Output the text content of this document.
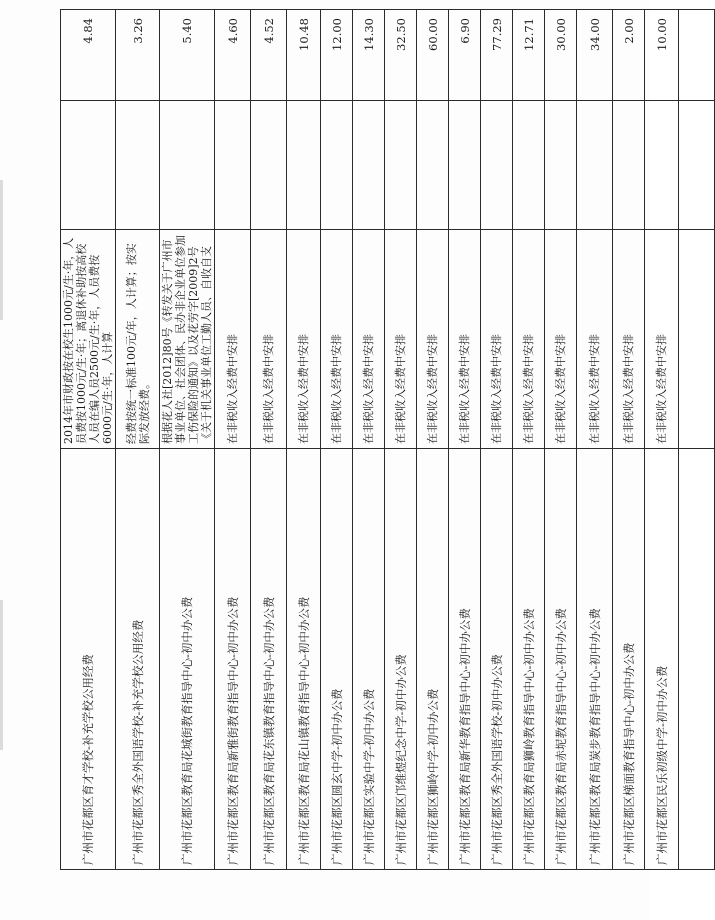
广州市花都区育才学校-补充学校公用经费	2014年市财政按在校生1000元/生·年，人员费按1000元/生·年；离退休补助按高校人员在编人员2500元/生·年，人员费按6000元/生·年，人计算		4.84
广州市花都区秀全外国语学校-补充学校公用经费	经费按统一标准100元/年，人计算；按实际发放经费。		3.26
广州市花都区教育局花城街教育指导中心-初中办公费	根据花人社[2012]80号《转发关于广州市事业单位、社会团体、民办非企业单位参加工伤保险的通知》以及花劳字[2009]2号《关于机关事业单位工勤人员、自收自支		5.40
广州市花都区教育局新雅街教育指导中心-初中办公费	在非税收入经费中安排		4.60
广州市花都区教育局花东镇教育指导中心-初中办公费	在非税收入经费中安排		4.52
广州市花都区教育局花山镇教育指导中心-初中办公费	在非税收入经费中安排		10.48
广州市花都区圆玄中学-初中办公费	在非税收入经费中安排		12.00
广州市花都区实验中学-初中办公费	在非税收入经费中安排		14.30
广州市花都区邝维煜纪念中学-初中办公费	在非税收入经费中安排		32.50
广州市花都区狮岭中学-初中办公费	在非税收入经费中安排		60.00
广州市花都区教育局新华教育指导中心-初中办公费	在非税收入经费中安排		6.90
广州市花都区秀全外国语学校-初中办公费	在非税收入经费中安排		77.29
广州市花都区教育局狮岭教育指导中心-初中办公费	在非税收入经费中安排		12.71
广州市花都区教育局赤坭教育指导中心-初中办公费	在非税收入经费中安排		30.00
广州市花都区教育局炭步教育指导中心-初中办公费	在非税收入经费中安排		34.00
广州市花都区梯面教育指导中心-初中办公费	在非税收入经费中安排		2.00
广州市花都区民乐初级中学-初中办公费	在非税收入经费中安排		10.00
